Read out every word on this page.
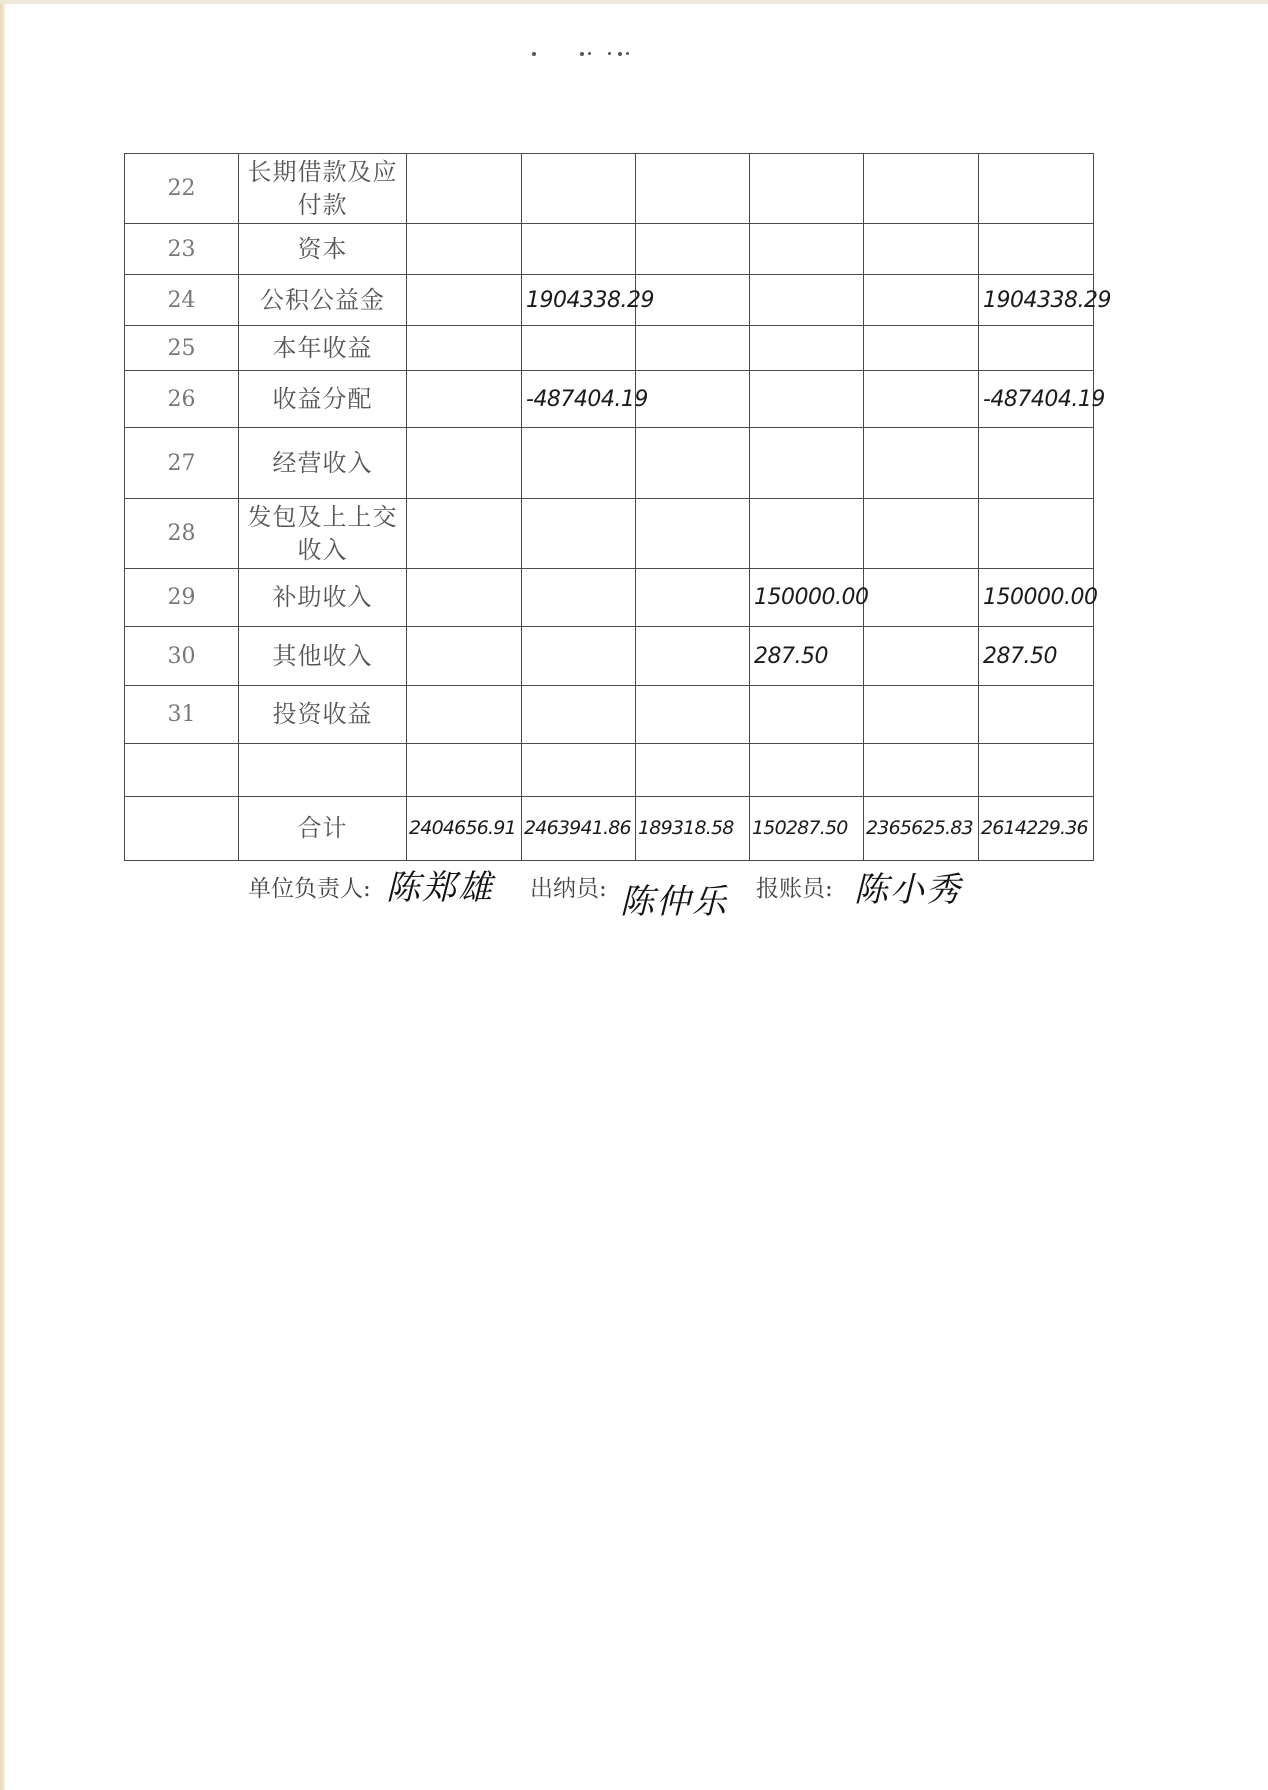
22	长期借款及应付款						
23	资本						
24	公积公益金		1904338.29				1904338.29
25	本年收益						
26	收益分配		-487404.19				-487404.19
27	经营收入						
28	发包及上上交收入						
29	补助收入				150000.00		150000.00
30	其他收入				287.50		287.50
31	投资收益						

	合计	2404656.91	2463941.86	189318.58	150287.50	2365625.83	2614229.36
单位负责人: 陈郑雄 出纳员: 陈仲乐 报账员: 陈小秀
